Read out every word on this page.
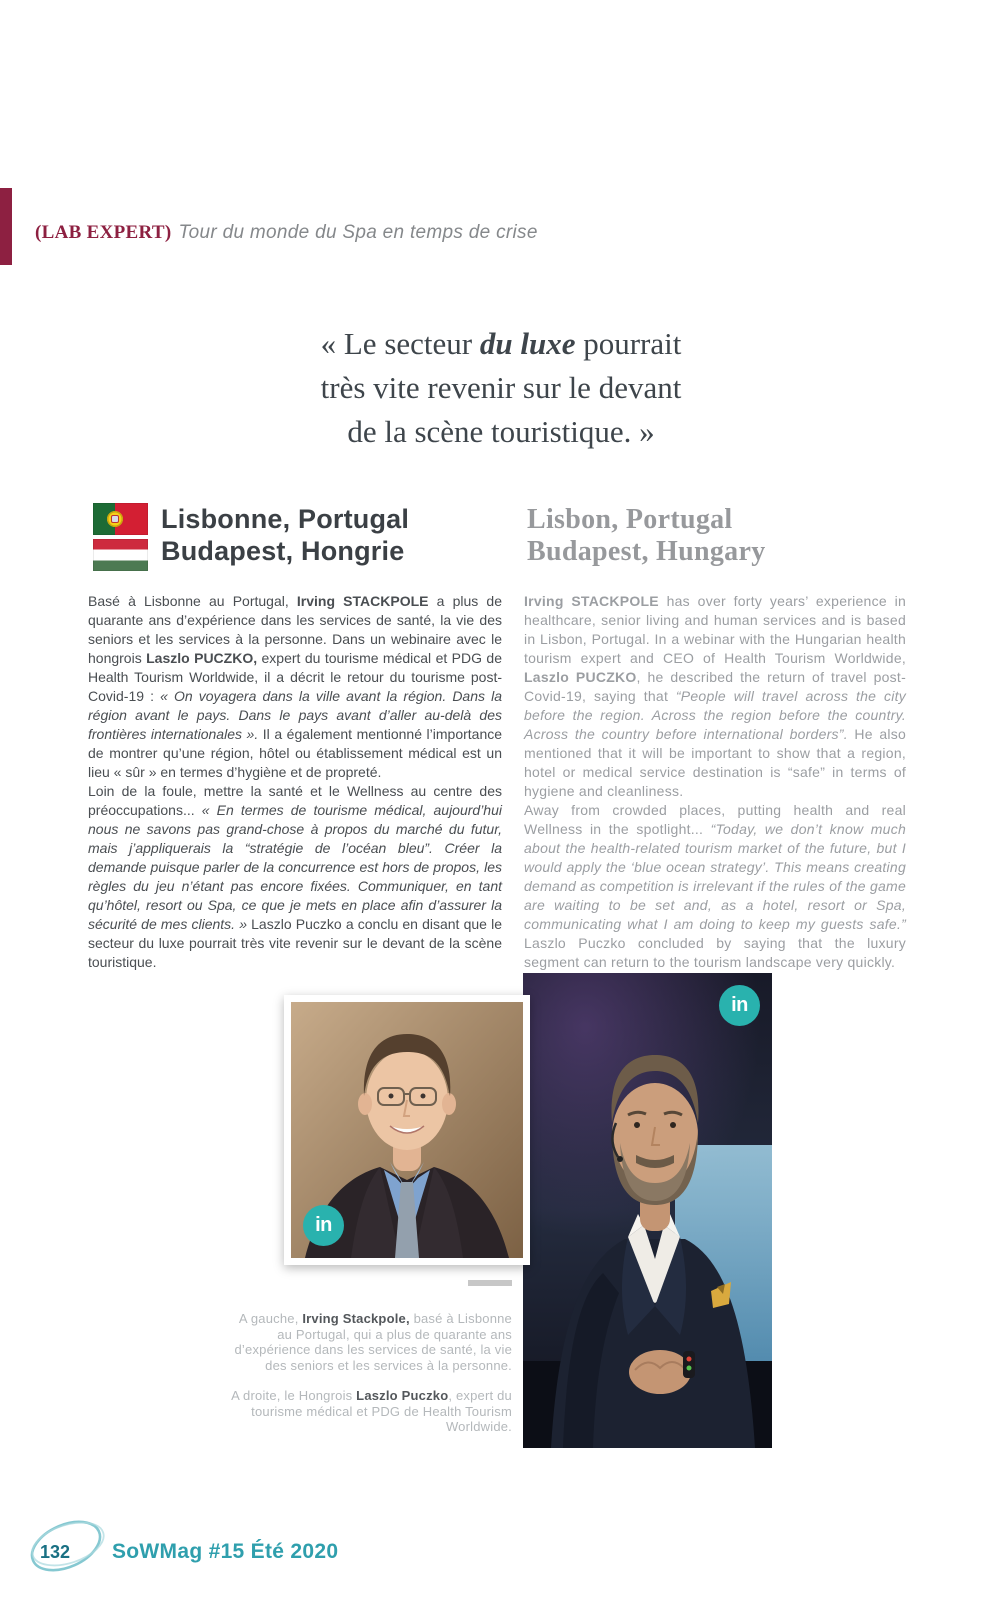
(LAB EXPERT) Tour du monde du Spa en temps de crise
« Le secteur du luxe pourrait
très vite revenir sur le devant
de la scène touristique. »
Lisbonne, Portugal
Budapest, Hongrie
Lisbon, Portugal
Budapest, Hungary

Basé à Lisbonne au Portugal, Irving STACKPOLE a plus de quarante ans d’expérience dans les services de santé, la vie des seniors et les services à la personne. Dans un webinaire avec le hongrois Laszlo PUCZKO, expert du tourisme médical et PDG de Health Tourism Worldwide, il a décrit le retour du tourisme post-Covid-19 : « On voyagera dans la ville avant la région. Dans la région avant le pays. Dans le pays avant d’aller au-delà des frontières internationales ». Il a également mentionné l’importance de montrer qu’une région, hôtel ou établissement médical est un lieu « sûr » en termes d’hygiène et de propreté.

Loin de la foule, mettre la santé et le Wellness au centre des préoccupations... « En termes de tourisme médical, aujourd’hui nous ne savons pas grand-chose à propos du marché du futur, mais j’appliquerais la “stratégie de l’océan bleu”. Créer la demande puisque parler de la concurrence est hors de propos, les règles du jeu n’étant pas encore fixées. Communiquer, en tant qu’hôtel, resort ou Spa, ce que je mets en place afin d’assurer la sécurité de mes clients. » Laszlo Puczko a conclu en disant que le secteur du luxe pourrait très vite revenir sur le devant de la scène touristique.

Irving STACKPOLE has over forty years’ experience in healthcare, senior living and human services and is based in Lisbon, Portugal. In a webinar with the Hungarian health tourism expert and CEO of Health Tourism Worldwide, Laszlo PUCZKO, he described the return of travel post-Covid-19, saying that “People will travel across the city before the region. Across the region before the country. Across the country before international borders”. He also mentioned that it will be important to show that a region, hotel or medical service destination is “safe” in terms of hygiene and cleanliness.

Away from crowded places, putting health and real Wellness in the spotlight... “Today, we don’t know much about the health-related tourism market of the future, but I would apply the ‘blue ocean strategy’. This means creating demand as competition is irrelevant if the rules of the game are waiting to be set and, as a hotel, resort or Spa, communicating what I am doing to keep my guests safe.” Laszlo Puczko concluded by saying that the luxury segment can return to the tourism landscape very quickly.

in
in
A gauche, Irving Stackpole, basé à Lisbonne au Portugal, qui a plus de quarante ans d’expérience dans les services de santé, la vie des seniors et les services à la personne.
A droite, le Hongrois Laszlo Puczko, expert du tourisme médical et PDG de Health Tourism Worldwide.
132 SoWMag #15 Été 2020
